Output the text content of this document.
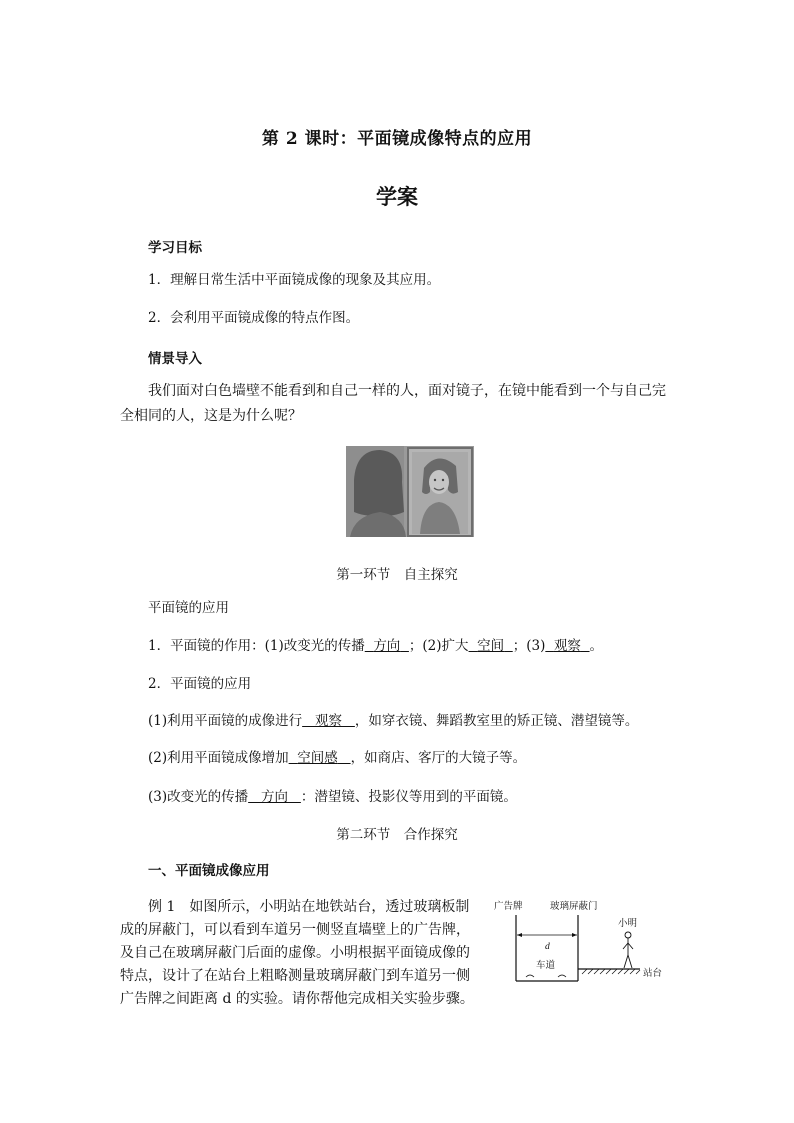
第 2 课时：平面镜成像特点的应用
学案
学习目标
1．理解日常生活中平面镜成像的现象及其应用。
2．会利用平面镜成像的特点作图。
情景导入
我们面对白色墙壁不能看到和自己一样的人，面对镜子，在镜中能看到一个与自己完全相同的人，这是为什么呢？
第一环节　自主探究
平面镜的应用
1．平面镜的作用：(1)改变光的传播 方向 ；(2)扩大 空间 ；(3) 观察 。
2．平面镜的应用
(1)利用平面镜的成像进行 观察 ，如穿衣镜、舞蹈教室里的矫正镜、潜望镜等。
(2)利用平面镜成像增加 空间感 ，如商店、客厅的大镜子等。
(3)改变光的传播 方向 ：潜望镜、投影仪等用到的平面镜。
第二环节　合作探究
一、平面镜成像应用
例 1　如图所示，小明站在地铁站台，透过玻璃板制成的屏蔽门，可以看到车道另一侧竖直墙壁上的广告牌，及自己在玻璃屏蔽门后面的虚像。小明根据平面镜成像的特点，设计了在站台上粗略测量玻璃屏蔽门到车道另一侧广告牌之间距离 d 的实验。请你帮他完成相关实验步骤。
广告牌	玻璃屏蔽门
小明
d
车道
站台
